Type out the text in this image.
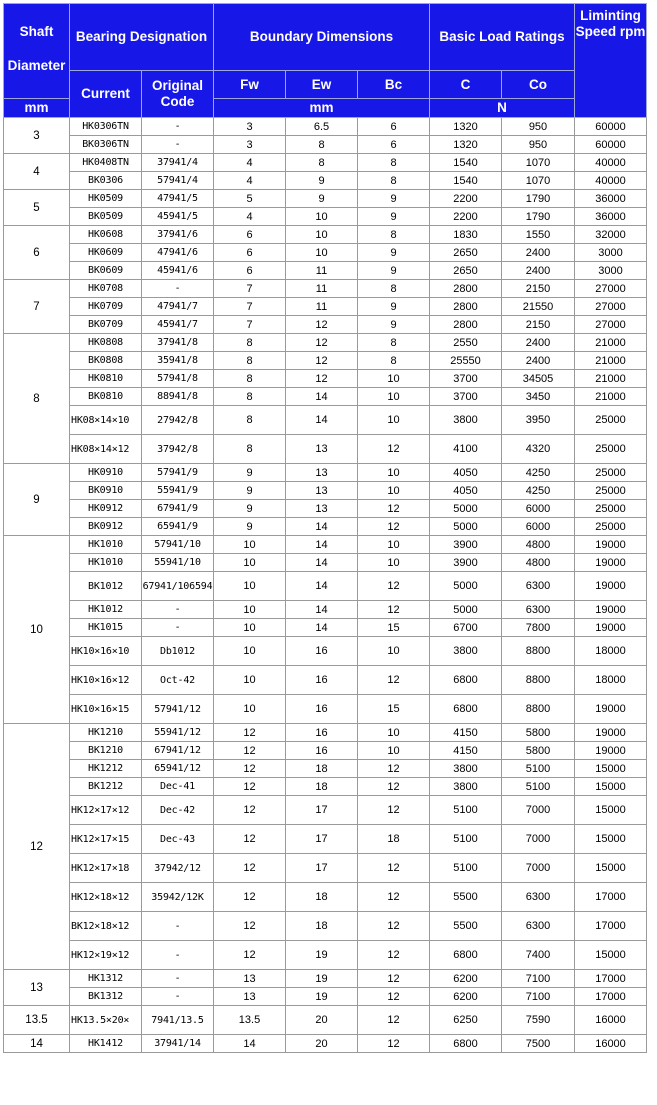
Shaft
Diameter	Bearing Designation		Boundary Dimensions			Basic Load Ratings		Liminting Speed rpm
	Current	Original Code	Fw	Ew	Bc	C	Co	
mm			mm			N		
3	HK0306TN	-	3	6.5	6	1320	950	60000
	BK0306TN	-	3	8	6	1320	950	60000
4	HK0408TN	37941/4	4	8	8	1540	1070	40000
	BK0306	57941/4	4	9	8	1540	1070	40000
5	HK0509	47941/5	5	9	9	2200	1790	36000
	BK0509	45941/5	4	10	9	2200	1790	36000
6	HK0608	37941/6	6	10	8	1830	1550	32000
	HK0609	47941/6	6	10	9	2650	2400	3000
	BK0609	45941/6	6	11	9	2650	2400	3000
7	HK0708	-	7	11	8	2800	2150	27000
	HK0709	47941/7	7	11	9	2800	21550	27000
	BK0709	45941/7	7	12	9	2800	2150	27000
8	HK0808	37941/8	8	12	8	2550	2400	21000
	BK0808	35941/8	8	12	8	25550	2400	21000
	HK0810	57941/8	8	12	10	3700	34505	21000
	BK0810	88941/8	8	14	10	3700	3450	21000
	HK08×14×10	27942/8	8	14	10	3800	3950	25000
	HK08×14×12	37942/8	8	13	12	4100	4320	25000
9	HK0910	57941/9	9	13	10	4050	4250	25000
	BK0910	55941/9	9	13	10	4050	4250	25000
	HK0912	67941/9	9	13	12	5000	6000	25000
	BK0912	65941/9	9	14	12	5000	6000	25000
10	HK1010	57941/10	10	14	10	3900	4800	19000
	HK1010	55941/10	10	14	10	3900	4800	19000
	BK1012	67941/106594	10	14	12	5000	6300	19000
	HK1012	-	10	14	12	5000	6300	19000
	HK1015	-	10	14	15	6700	7800	19000
	HK10×16×10	Db1012	10	16	10	3800	8800	18000
	HK10×16×12	Oct-42	10	16	12	6800	8800	18000
	HK10×16×15	57941/12	10	16	15	6800	8800	19000
12	HK1210	55941/12	12	16	10	4150	5800	19000
	BK1210	67941/12	12	16	10	4150	5800	19000
	HK1212	65941/12	12	18	12	3800	5100	15000
	BK1212	Dec-41	12	18	12	3800	5100	15000
	HK12×17×12	Dec-42	12	17	12	5100	7000	15000
	HK12×17×15	Dec-43	12	17	18	5100	7000	15000
	HK12×17×18	37942/12	12	17	12	5100	7000	15000
	HK12×18×12	35942/12K	12	18	12	5500	6300	17000
	BK12×18×12	-	12	18	12	5500	6300	17000
	HK12×19×12	-	12	19	12	6800	7400	15000
13	HK1312	-	13	19	12	6200	7100	17000
	BK1312	-	13	19	12	6200	7100	17000
13.5	HK13.5×20×	7941/13.5	13.5	20	12	6250	7590	16000
14	HK1412	37941/14	14	20	12	6800	7500	16000
